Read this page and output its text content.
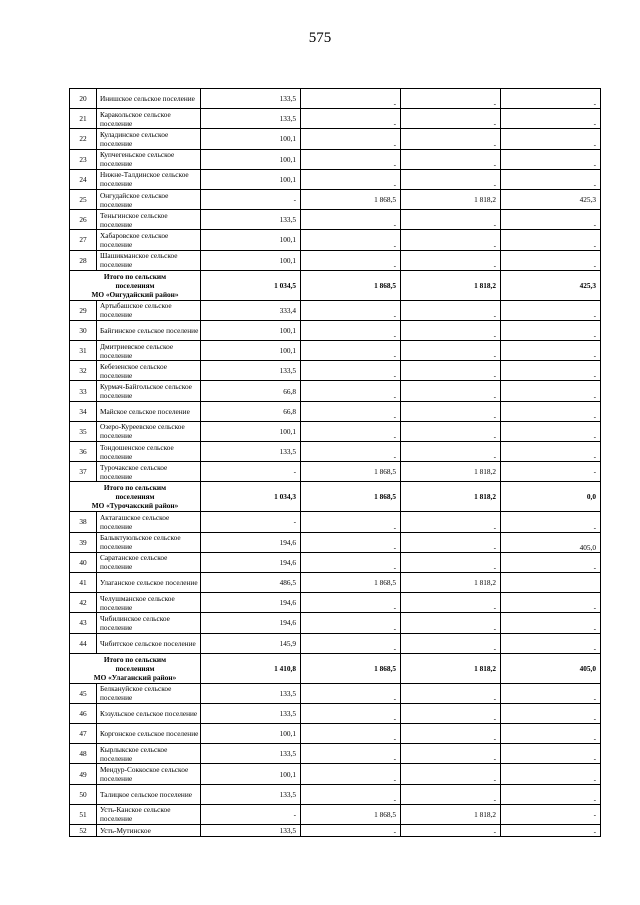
575
20	Инишское сельское поселение	133,5	-	-	-
21	Каракольское сельское поселение	133,5	-	-	-
22	Куладинское сельское поселение	100,1	-	-	-
23	Купчегеньское сельское поселение	100,1	-	-	-
24	Нижне-Талдинское сельское поселение	100,1	-	-	-
25	Онгудайское сельское поселение	-	1 868,5	1 818,2	425,3
26	Теньгинское сельское поселение	133,5	-	-	-
27	Хабаровское сельское поселение	100,1	-	-	-
28	Шашикманское сельское поселение	100,1	-	-	-

Итого по сельским
поселениям
МО «Онгудайский район»		1 034,5	1 868,5	1 818,2	425,3
29	Артыбашское сельское поселение	333,4	-	-	-
30	Байгинское сельское поселение	100,1	-	-	-
31	Дмитриевское сельское поселение	100,1	-	-	-
32	Кебезенское сельское поселение	133,5	-	-	-
33	Курмач-Байгольское сельское поселение	66,8	-	-	-
34	Майское сельское поселение	66,8	-	-	-
35	Озеро-Куреевское сельское поселение	100,1	-	-	-
36	Тондошенское сельское поселение	133,5	-	-	-
37	Турочакское сельское поселение	-	1 868,5	1 818,2	-

Итого по сельским
поселениям
МО «Турочакский район»		1 034,3	1 868,5	1 818,2	0,0
38	Актагашское сельское поселение	-	-	-	-
39	Балыктуюльское сельское поселение	194,6	-	-	405,0
40	Саратанское сельское поселение	194,6	-	-	-
41	Улаганское сельское поселение	486,5	1 868,5	1 818,2	
42	Челушманское сельское поселение	194,6	-	-	-
43	Чибилинское сельское поселение	194,6	-	-	-
44	Чибитское сельское поселение	145,9	-	-	-

Итого по сельским
поселениям
МО «Улаганский район»		1 410,8	1 868,5	1 818,2	405,0
45	Белкануйское сельское поселение	133,5	-	-	-
46	Кэзульское сельское поселение	133,5	-	-	-
47	Коргонское сельское поселение	100,1	-	-	-
48	Кырлыкское сельское поселение	133,5	-	-	-
49	Мендур-Соккоское сельское поселение	100,1	-	-	-
50	Талицкое сельское поселение	133,5	-	-	-
51	Усть-Канское сельское поселение	-	1 868,5	1 818,2	-
52	Усть-Мутинское	133,5	-	-	-
